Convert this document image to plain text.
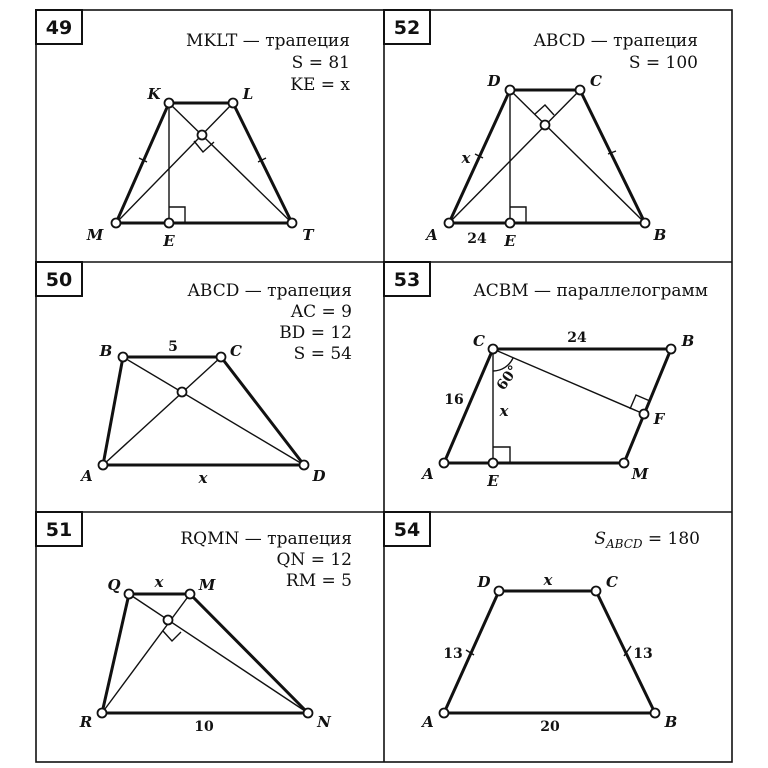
49
MKLT — трапеция
S = 81
KE = x
K	L
M	T
E
52
ABCD — трапеция
S = 100
D	C
A	B
E
x
24
50	ABCD — трапеция
AC = 9
BD = 12
S = 54
B	C
A	D
5
x
53	ACBM — параллелограмм
C	B
A	M
E
F
24
16
x
60°
51	RQMN — трапеция
QN = 12
RM = 5
Q	M
R	N
x
10
54	$S_{ABCD} = 180$
D	C
A	B
x
13	13
20
